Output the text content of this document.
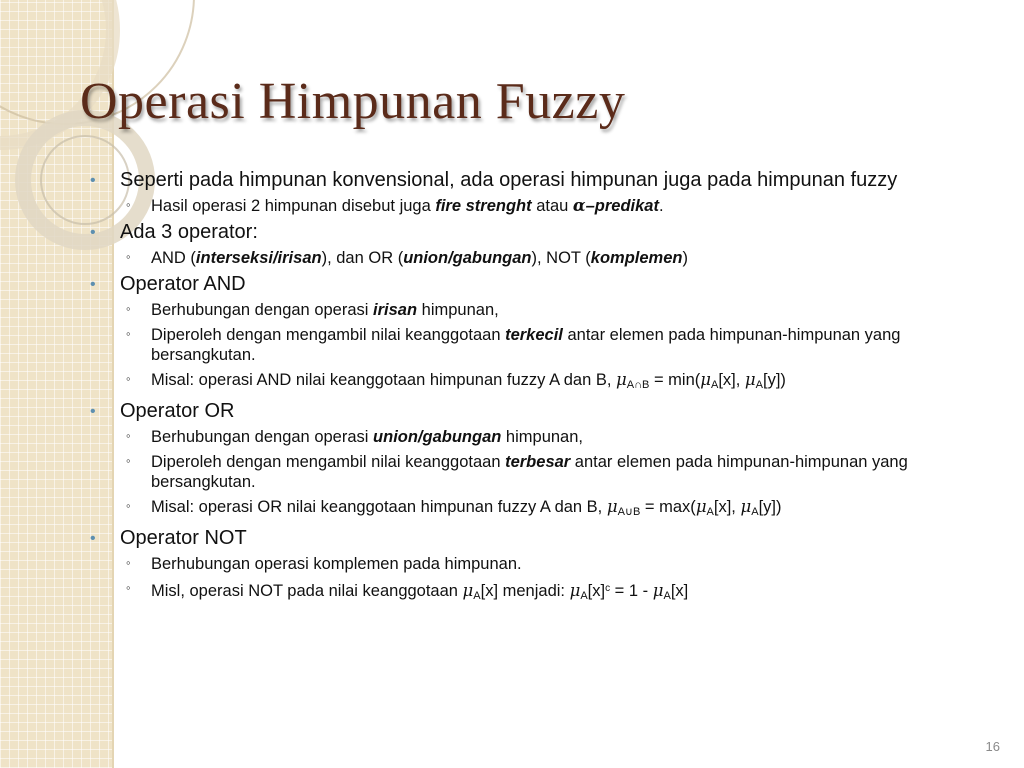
Operasi Himpunan Fuzzy
• Seperti pada himpunan konvensional, ada operasi himpunan juga pada himpunan fuzzy
◦ Hasil operasi 2 himpunan disebut juga fire strenght atau α–predikat.
• Ada 3 operator:
◦ AND (interseksi/irisan), dan OR (union/gabungan), NOT (komplemen)
• Operator AND
◦ Berhubungan dengan operasi irisan himpunan,
◦ Diperoleh dengan mengambil nilai keanggotaan terkecil antar elemen pada himpunan-himpunan yang bersangkutan.
◦ Misal: operasi AND nilai keanggotaan himpunan fuzzy A dan B, $\mu_{A\cap B} = \min(\mu_A[x]$, $\mu_A[y]$)
• Operator OR
◦ Berhubungan dengan operasi union/gabungan himpunan,
◦ Diperoleh dengan mengambil nilai keanggotaan terbesar antar elemen pada himpunan-himpunan yang bersangkutan.
◦ Misal: operasi OR nilai keanggotaan himpunan fuzzy A dan B, $\mu_{A\cup B} = \max(\mu_A[x]$, $\mu_A[y]$)
• Operator NOT
◦ Berhubungan operasi komplemen pada himpunan.
◦ Misl, operasi NOT pada nilai keanggotaan $\mu_A[x]$ menjadi: $\mu_A[x]^c = 1 - \mu_A[x]$
16
